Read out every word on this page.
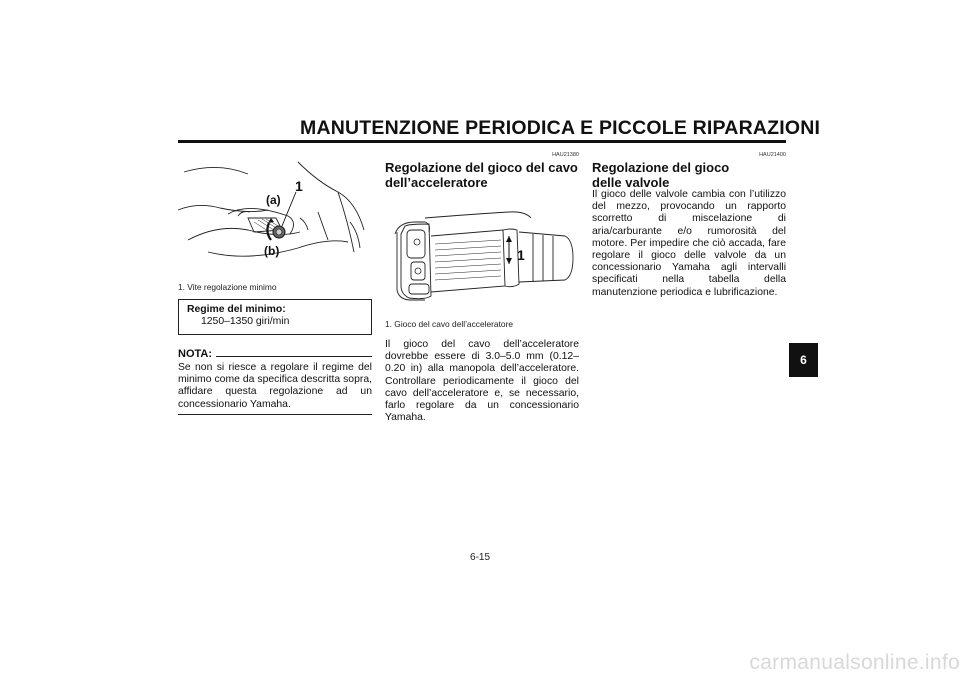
MANUTENZIONE PERIODICA E PICCOLE RIPARAZIONI
1
(a)
(b)
1. Vite regolazione minimo
Regime del minimo:
1250–1350 giri/min
NOTA:
Se non si riesce a regolare il regime del minimo come da specifica descritta sopra, affidare questa regolazione ad un concessionario Yamaha.
HAU21380
Regolazione del gioco del cavo dell’acceleratore
1
1. Gioco del cavo dell’acceleratore
Il gioco del cavo dell’acceleratore dovrebbe essere di 3.0–5.0 mm (0.12–0.20 in) alla manopola dell’acceleratore. Controllare periodicamente il gioco del cavo dell’acceleratore e, se necessario, farlo regolare da un concessionario Yamaha.
HAU21400
Regolazione del gioco delle valvole
Il gioco delle valvole cambia con l’utilizzo del mezzo, provocando un rapporto scorretto di miscelazione di aria/carburante e/o rumorosità del motore. Per impedire che ciò accada, fare regolare il gioco delle valvole da un concessionario Yamaha agli intervalli specificati nella tabella della manutenzione periodica e lubrificazione.
6
6-15
carmanualsonline.info
